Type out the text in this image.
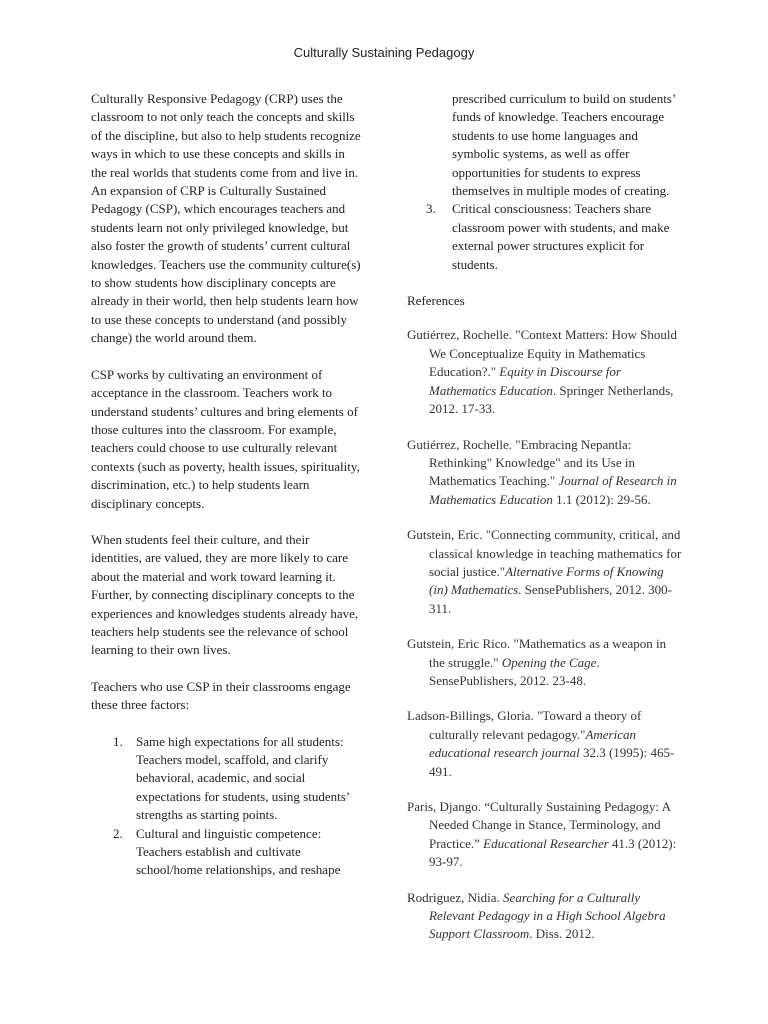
Culturally Sustaining Pedagogy

Culturally Responsive Pedagogy (CRP) uses the classroom to not only teach the concepts and skills of the discipline, but also to help students recognize ways in which to use these concepts and skills in the real worlds that students come from and live in. An expansion of CRP is Culturally Sustained Pedagogy (CSP), which encourages teachers and students learn not only privileged knowledge, but also foster the growth of students’ current cultural knowledges. Teachers use the community culture(s) to show students how disciplinary concepts are already in their world, then help students learn how to use these concepts to understand (and possibly change) the world around them.

CSP works by cultivating an environment of acceptance in the classroom. Teachers work to understand students’ cultures and bring elements of those cultures into the classroom. For example, teachers could choose to use culturally relevant contexts (such as poverty, health issues, spirituality, discrimination, etc.) to help students learn disciplinary concepts.

When students feel their culture, and their identities, are valued, they are more likely to care about the material and work toward learning it. Further, by connecting disciplinary concepts to the experiences and knowledges students already have, teachers help students see the relevance of school learning to their own lives.

Teachers who use CSP in their classrooms engage these three factors:

1. Same high expectations for all students: Teachers model, scaffold, and clarify behavioral, academic, and social expectations for students, using students’ strengths as starting points.
2. Cultural and linguistic competence: Teachers establish and cultivate school/home relationships, and reshape
prescribed curriculum to build on students’ funds of knowledge. Teachers encourage students to use home languages and symbolic systems, as well as offer opportunities for students to express themselves in multiple modes of creating.
3. Critical consciousness: Teachers share classroom power with students, and make external power structures explicit for students.
References
Gutiérrez, Rochelle. "Context Matters: How Should We Conceptualize Equity in Mathematics Education?." Equity in Discourse for Mathematics Education. Springer Netherlands, 2012. 17-33.
Gutiérrez, Rochelle. "Embracing Nepantla: Rethinking" Knowledge" and its Use in Mathematics Teaching." Journal of Research in Mathematics Education 1.1 (2012): 29-56.
Gutstein, Eric. "Connecting community, critical, and classical knowledge in teaching mathematics for social justice."Alternative Forms of Knowing (in) Mathematics. SensePublishers, 2012. 300-311.
Gutstein, Eric Rico. "Mathematics as a weapon in the struggle." Opening the Cage. SensePublishers, 2012. 23-48.
Ladson-Billings, Gloria. "Toward a theory of culturally relevant pedagogy."American educational research journal 32.3 (1995): 465-491.
Paris, Django. “Culturally Sustaining Pedagogy: A Needed Change in Stance, Terminology, and Practice.” Educational Researcher 41.3 (2012): 93-97.
Rodriguez, Nidia. Searching for a Culturally Relevant Pedagogy in a High School Algebra Support Classroom. Diss. 2012.
